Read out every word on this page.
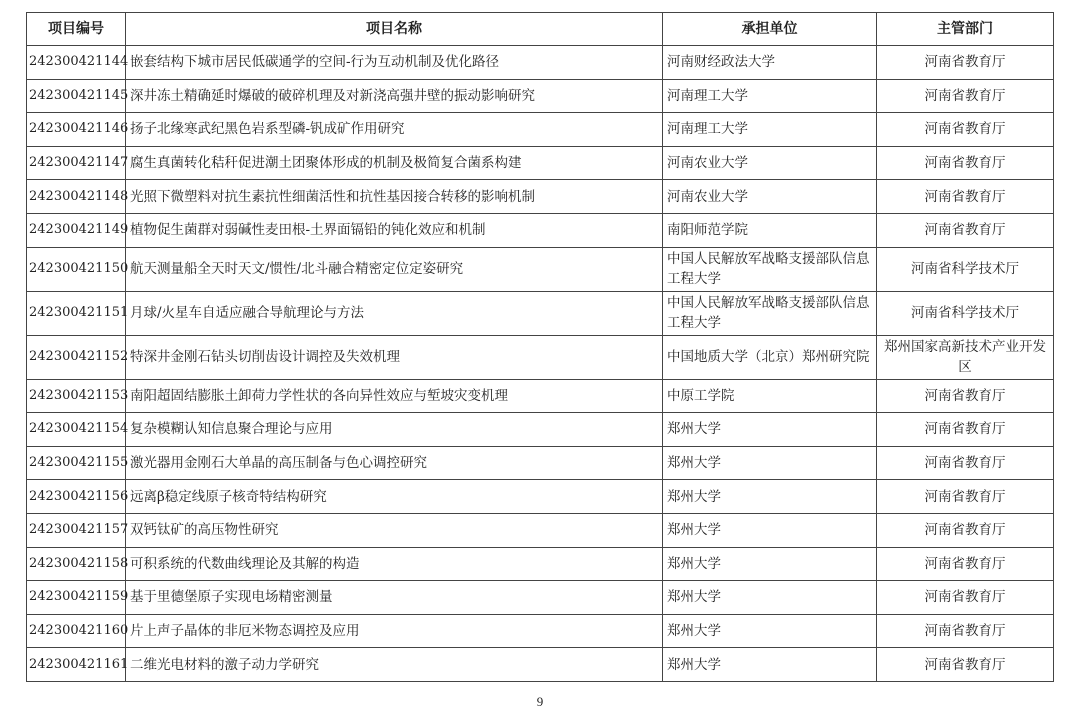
项目编号	项目名称	承担单位	主管部门
242300421144	嵌套结构下城市居民低碳通学的空间-行为互动机制及优化路径	河南财经政法大学	河南省教育厅
242300421145	深井冻土精确延时爆破的破碎机理及对新浇高强井壁的振动影响研究	河南理工大学	河南省教育厅
242300421146	扬子北缘寒武纪黑色岩系型磷-钒成矿作用研究	河南理工大学	河南省教育厅
242300421147	腐生真菌转化秸秆促进潮土团聚体形成的机制及极简复合菌系构建	河南农业大学	河南省教育厅
242300421148	光照下微塑料对抗生素抗性细菌活性和抗性基因接合转移的影响机制	河南农业大学	河南省教育厅
242300421149	植物促生菌群对弱碱性麦田根-土界面镉铅的钝化效应和机制	南阳师范学院	河南省教育厅
242300421150	航天测量船全天时天文/惯性/北斗融合精密定位定姿研究	中国人民解放军战略支援部队信息工程大学	河南省科学技术厅
242300421151	月球/火星车自适应融合导航理论与方法	中国人民解放军战略支援部队信息工程大学	河南省科学技术厅
242300421152	特深井金刚石钻头切削齿设计调控及失效机理	中国地质大学（北京）郑州研究院	郑州国家高新技术产业开发区
242300421153	南阳超固结膨胀土卸荷力学性状的各向异性效应与堑坡灾变机理	中原工学院	河南省教育厅
242300421154	复杂模糊认知信息聚合理论与应用	郑州大学	河南省教育厅
242300421155	激光器用金刚石大单晶的高压制备与色心调控研究	郑州大学	河南省教育厅
242300421156	远离β稳定线原子核奇特结构研究	郑州大学	河南省教育厅
242300421157	双钙钛矿的高压物性研究	郑州大学	河南省教育厅
242300421158	可积系统的代数曲线理论及其解的构造	郑州大学	河南省教育厅
242300421159	基于里德堡原子实现电场精密测量	郑州大学	河南省教育厅
242300421160	片上声子晶体的非厄米物态调控及应用	郑州大学	河南省教育厅
242300421161	二维光电材料的激子动力学研究	郑州大学	河南省教育厅
9
